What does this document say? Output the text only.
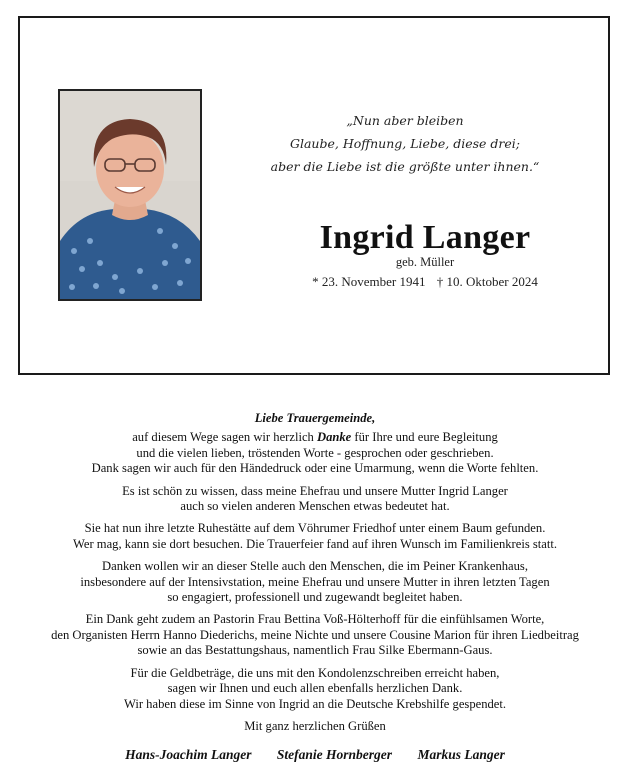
„Nun aber bleiben
Glaube, Hoffnung, Liebe, diese drei;
aber die Liebe ist die größte unter ihnen.“
Ingrid Langer
geb. Müller
* 23. November 1941 † 10. Oktober 2024
Liebe Trauergemeinde,
auf diesem Wege sagen wir herzlich Danke für Ihre und eure Begleitung
und die vielen lieben, tröstenden Worte - gesprochen oder geschrieben.
Dank sagen wir auch für den Händedruck oder eine Umarmung, wenn die Worte fehlten.
Es ist schön zu wissen, dass meine Ehefrau und unsere Mutter Ingrid Langer
auch so vielen anderen Menschen etwas bedeutet hat.
Sie hat nun ihre letzte Ruhestätte auf dem Vöhrumer Friedhof unter einem Baum gefunden.
Wer mag, kann sie dort besuchen. Die Trauerfeier fand auf ihren Wunsch im Familienkreis statt.
Danken wollen wir an dieser Stelle auch den Menschen, die im Peiner Krankenhaus,
insbesondere auf der Intensivstation, meine Ehefrau und unsere Mutter in ihren letzten Tagen
so engagiert, professionell und zugewandt begleitet haben.
Ein Dank geht zudem an Pastorin Frau Bettina Voß-Hölterhoff für die einfühlsamen Worte,
den Organisten Herrn Hanno Diederichs, meine Nichte und unsere Cousine Marion für ihren Liedbeitrag
sowie an das Bestattungshaus, namentlich Frau Silke Ebermann-Gaus.
Für die Geldbeträge, die uns mit den Kondolenzschreiben erreicht haben,
sagen wir Ihnen und euch allen ebenfalls herzlichen Dank.
Wir haben diese im Sinne von Ingrid an die Deutsche Krebshilfe gespendet.
Mit ganz herzlichen Grüßen
Hans-Joachim Langer Stefanie Hornberger Markus Langer
